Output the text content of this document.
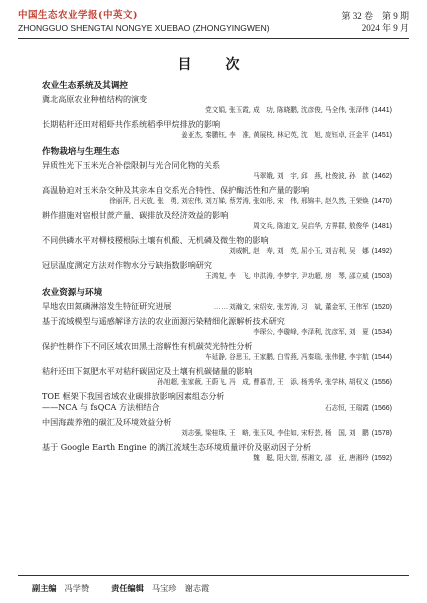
中国生态农业学报(中英文)
ZHONGGUO SHENGTAI NONGYE XUEBAO (ZHONGYINGWEN)
第 32 卷　第 9 期
2024 年 9 月
目　次
农业生态系统及其调控
冀北高原农业种植结构的演变
党文娟, 张玉霞, 成　功, 陈晓鹏, 沈彦俊, 马全伟, 张泽伟 (1441)
长期秸秆还田对稻虾共作系统稻季甲烷排放的影响
姜亚杰, 秦鹏钰, 李　准, 黄展枝, 林记英, 沈　旭, 庞钰卓, 汪金平 (1451)
作物栽培与生理生态
异质性光下玉米光合补偿限制与光合同化物的关系
马翠娥, 刘　宇, 邱　燕, 杜俊波, 孙　歆 (1462)
高温胁迫对玉米杂交种及其亲本自交系光合特性、保护酶活性和产量的影响
徐丽萍, 吕天放, 张　勇, 刘宏伟, 刘万娣, 蔡芳涛, 张如彤, 宋　伟, 邢锦丰, 赵久然, 王荣焕 (1470)
耕作措施对宿根甘蔗产量、碳排放及经济效益的影响
周文兵, 陈迪文, 吴启华, 方界群, 敖俊华 (1481)
不同供磷水平对柳枝稷根际土壤有机酸、无机磷及微生物的影响
刘威帆, 赵　寿, 刘　英, 屈小玉, 刘吉利, 吴　娜 (1492)
冠层温度测定方法对作物水分亏缺指数影响研究
王鸿复, 李　飞, 申洪涛, 李梦宇, 尹功超, 房　琴, 邵立威 (1503)
农业资源与环境
旱地农田氮磷淋溶发生特征研究进展	…… 刘瀚文, 宋绍安, 张芳涛, 习　斌, 董金军, 王伟军 (1520)
基于流域模型与遥感解译方法的农业面源污染精细化源解析技术研究
李琛公, 李璇峰, 李泽利, 沈彦军, 刘　夏 (1534)
保护性耕作下不同区域农田黑土溶解性有机碳荧光特性分析
车延静, 谷思玉, 王家鹏, 白雪燕, 冯秦瑞, 张伟健, 李宇航 (1544)
秸秆还田下氮肥水平对秸秆碳固定及土壤有机碳储量的影响
孙旭超, 张家薇, 王蔚飞, 冯　成, 曹慕青, 王　添, 杨秀华, 张学林, 胡权义 (1556)
TOE 框架下我国省域农业碳排放影响因素组态分析
——NCA 与 fsQCA 方法相结合	石志恒, 王瑞霞 (1566)
中国海蔬养殖的碳汇及环境效益分析
刘志强, 梁桂珠, 王　略, 张玉凤, 李佳如, 宋籽芸, 杨　国, 刘　鹏 (1578)
基于 Google Earth Engine 的漓江流域生态环境质量评价及驱动因子分析
魏　聪, 阳大智, 蔡湘文, 邵　亚, 唐湘玲 (1592)
副主编 冯学赞	责任编辑 马宝珍　谢志霞
